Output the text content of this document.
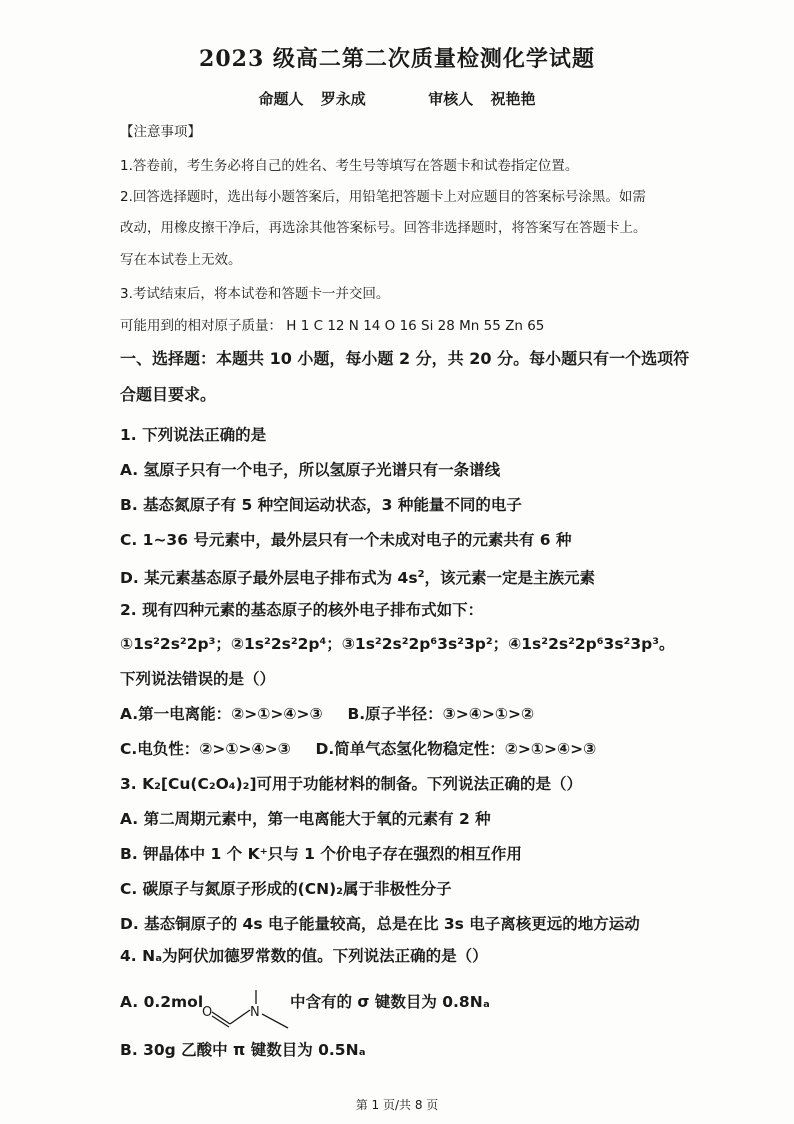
2023 级高二第二次质量检测化学试题
命题人 罗永成	审核人 祝艳艳
【注意事项】
1.答卷前，考生务必将自己的姓名、考生号等填写在答题卡和试卷指定位置。
2.回答选择题时，选出每小题答案后，用铅笔把答题卡上对应题目的答案标号涂黑。如需
改动，用橡皮擦干净后，再选涂其他答案标号。回答非选择题时，将答案写在答题卡上。
写在本试卷上无效。
3.考试结束后，将本试卷和答题卡一并交回。
可能用到的相对原子质量： H 1 C 12 N 14 O 16 Si 28 Mn 55 Zn 65
一、选择题：本题共 10 小题，每小题 2 分，共 20 分。每小题只有一个选项符
合题目要求。
1. 下列说法正确的是
A. 氢原子只有一个电子，所以氢原子光谱只有一条谱线
B. 基态氮原子有 5 种空间运动状态，3 种能量不同的电子
C. 1~36 号元素中，最外层只有一个未成对电子的元素共有 6 种
D. 某元素基态原子最外层电子排布式为 $4s^2$，该元素一定是主族元素
2. 现有四种元素的基态原子的核外电子排布式如下：
①1s²2s²2p³；②1s²2s²2p⁴；③1s²2s²2p⁶3s²3p²；④1s²2s²2p⁶3s²3p³。
下列说法错误的是（）
A.第一电离能：②>①>④>③ B.原子半径：③>④>①>②
C.电负性：②>①>④>③ D.简单气态氢化物稳定性：②>①>④>③
3. K₂[Cu(C₂O₄)₂]可用于功能材料的制备。下列说法正确的是（）
A. 第二周期元素中，第一电离能大于氧的元素有 2 种
B. 钾晶体中 1 个 K⁺只与 1 个价电子存在强烈的相互作用
C. 碳原子与氮原子形成的(CN)₂属于非极性分子
D. 基态铜原子的 4s 电子能量较高，总是在比 3s 电子离核更远的地方运动
4. Nₐ为阿伏加德罗常数的值。下列说法正确的是（）
A. 0.2mol
O	N
中含有的 σ 键数目为 0.8Nₐ
B. 30g 乙酸中 π 键数目为 0.5Nₐ
第 1 页/共 8 页
